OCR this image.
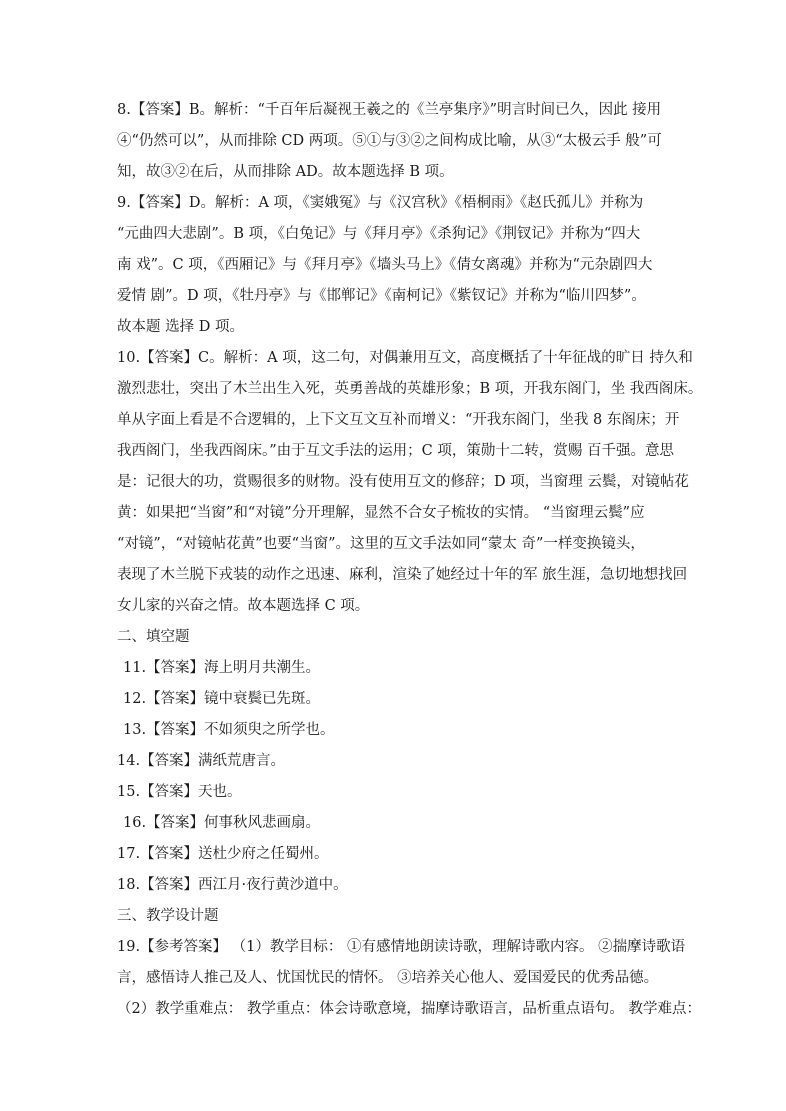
8.【答案】B。解析：“千百年后凝视王羲之的《兰亭集序》”明言时间已久，因此 接用
④“仍然可以”，从而排除 CD 两项。⑤①与③②之间构成比喻，从③“太极云手 般”可
知，故③②在后，从而排除 AD。故本题选择 B 项。
9.【答案】D。解析：A 项，《窦娥冤》与《汉宫秋》《梧桐雨》《赵氏孤儿》并称为
“元曲四大悲剧”。B 项，《白兔记》与《拜月亭》《杀狗记》《荆钗记》并称为“四大
南 戏”。C 项，《西厢记》与《拜月亭》《墙头马上》《倩女离魂》并称为“元杂剧四大
爱情 剧”。D 项，《牡丹亭》与《邯郸记》《南柯记》《紫钗记》并称为“临川四梦”。
故本题 选择 D 项。
10.【答案】C。解析：A 项，这二句，对偶兼用互文，高度概括了十年征战的旷日 持久和
激烈悲壮，突出了木兰出生入死，英勇善战的英雄形象；B 项，开我东阁门，坐 我西阁床。
单从字面上看是不合逻辑的，上下文互文互补而增义：“开我东阁门，坐我 8 东阁床；开
我西阁门，坐我西阁床。”由于互文手法的运用；C 项，策勋十二转，赏赐 百千强。意思
是：记很大的功，赏赐很多的财物。没有使用互文的修辞；D 项，当窗理 云鬓，对镜帖花
黄：如果把“当窗”和“对镜”分开理解，显然不合女子梳妆的实情。 “当窗理云鬓”应
“对镜”，“对镜帖花黄”也要“当窗”。这里的互文手法如同“蒙太 奇”一样变换镜头，
表现了木兰脱下戎装的动作之迅速、麻利，渲染了她经过十年的军 旅生涯，急切地想找回
女儿家的兴奋之情。故本题选择 C 项。
二、填空题
11.【答案】海上明月共潮生。
12.【答案】镜中衰鬓已先斑。
13.【答案】不如须臾之所学也。
14.【答案】满纸荒唐言。
15.【答案】天也。
16.【答案】何事秋风悲画扇。
17.【答案】送杜少府之任蜀州。
18.【答案】西江月·夜行黄沙道中。
三、教学设计题
19.【参考答案】 （1）教学目标： ①有感情地朗读诗歌，理解诗歌内容。 ②揣摩诗歌语
言，感悟诗人推己及人、忧国忧民的情怀。 ③培养关心他人、爱国爱民的优秀品德。
（2）教学重难点： 教学重点：体会诗歌意境，揣摩诗歌语言，品析重点语句。 教学难点：
